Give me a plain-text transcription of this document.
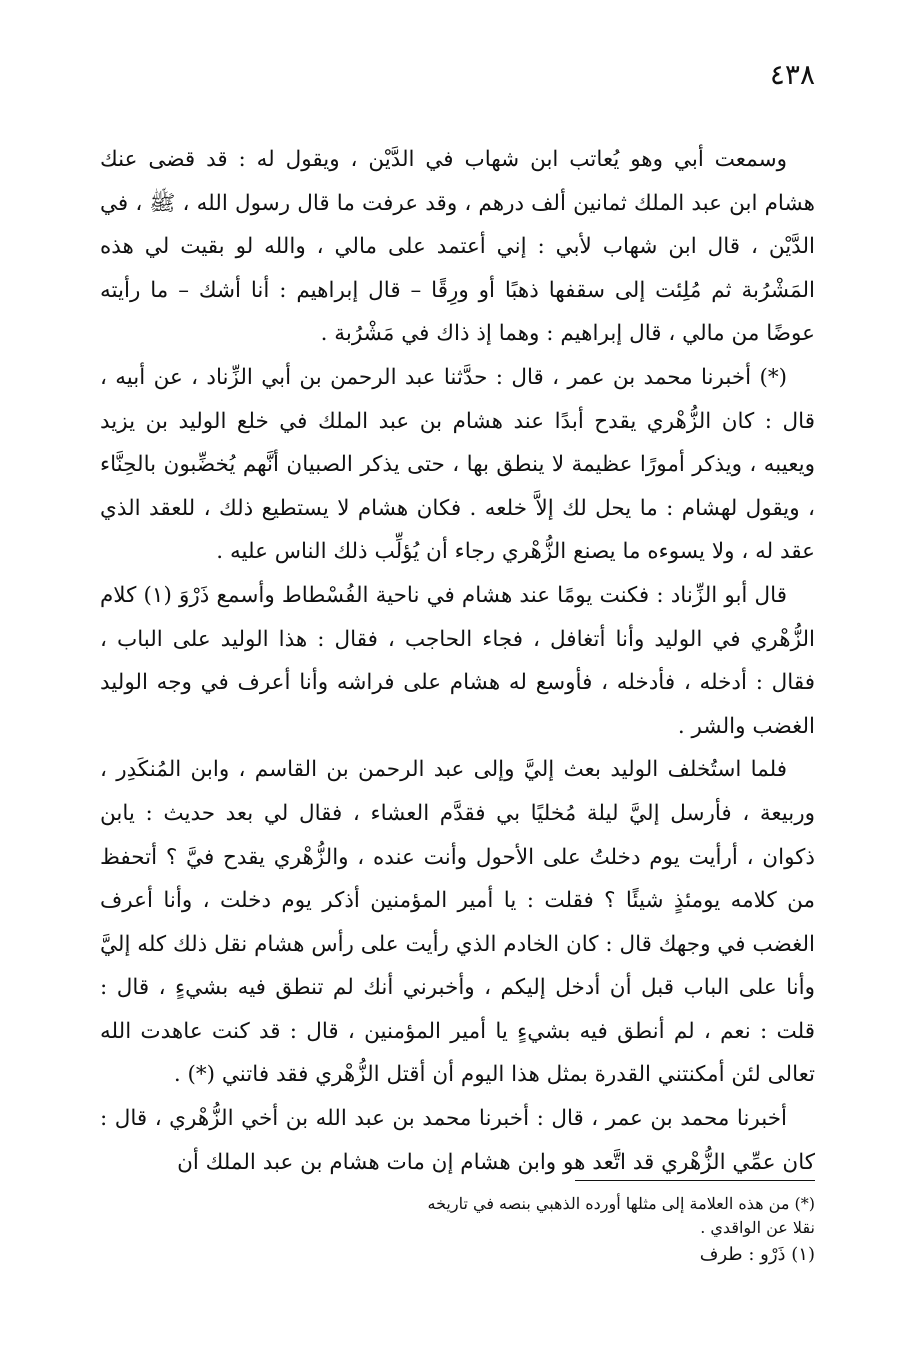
٤٣٨

وسمعت أبي وهو يُعاتب ابن شهاب في الدَّيْن ، ويقول له : قد قضى عنك هشام ابن عبد الملك ثمانين ألف درهم ، وقد عرفت ما قال رسول الله ، ﷺ ، في الدَّيْن ، قال ابن شهاب لأبي : إني أعتمد على مالي ، والله لو بقيت لي هذه المَشْرُبة ثم مُلِئت إلى سقفها ذهبًا أو ورِقًا – قال إبراهيم : أنا أشك – ما رأيته عوضًا من مالي ، قال إبراهيم : وهما إذ ذاك في مَشْرُبة .

(*) أخبرنا محمد بن عمر ، قال : حدَّثنا عبد الرحمن بن أبي الزِّناد ، عن أبيه ، قال : كان الزُّهْري يقدح أبدًا عند هشام بن عبد الملك في خلع الوليد بن يزيد ويعيبه ، ويذكر أمورًا عظيمة لا ينطق بها ، حتى يذكر الصبيان أنَّهم يُخضِّبون بالحِنَّاء ، ويقول لهشام : ما يحل لك إلاَّ خلعه . فكان هشام لا يستطيع ذلك ، للعقد الذي عقد له ، ولا يسوءه ما يصنع الزُّهْري رجاء أن يُؤلِّب ذلك الناس عليه .

قال أبو الزِّناد : فكنت يومًا عند هشام في ناحية الفُسْطاط وأسمع ذَرْوَ (١) كلام الزُّهْري في الوليد وأنا أتغافل ، فجاء الحاجب ، فقال : هذا الوليد على الباب ، فقال : أدخله ، فأدخله ، فأوسع له هشام على فراشه وأنا أعرف في وجه الوليد الغضب والشر .

فلما استُخلف الوليد بعث إليَّ وإلى عبد الرحمن بن القاسم ، وابن المُنكَدِر ، وربيعة ، فأرسل إليَّ ليلة مُخليًا بي فقدَّم العشاء ، فقال لي بعد حديث : يابن ذكوان ، أرأيت يوم دخلتُ على الأحول وأنت عنده ، والزُّهْري يقدح فيَّ ؟ أتحفظ من كلامه يومئذٍ شيئًا ؟ فقلت : يا أمير المؤمنين أذكر يوم دخلت ، وأنا أعرف الغضب في وجهك قال : كان الخادم الذي رأيت على رأس هشام نقل ذلك كله إليَّ وأنا على الباب قبل أن أدخل إليكم ، وأخبرني أنك لم تنطق فيه بشيءٍ ، قال : قلت : نعم ، لم أنطق فيه بشيءٍ يا أمير المؤمنين ، قال : قد كنت عاهدت الله تعالى لئن أمكنتني القدرة بمثل هذا اليوم أن أقتل الزُّهْري فقد فاتني (*) .

أخبرنا محمد بن عمر ، قال : أخبرنا محمد بن عبد الله بن أخي الزُّهْري ، قال : كان عمِّي الزُّهْري قد اتَّعد هو وابن هشام إن مات هشام بن عبد الملك أن

(*) من هذه العلامة إلى مثلها أورده الذهبي بنصه في تاريخه نقلا عن الواقدي .
(١) ذَرْو : طرف
